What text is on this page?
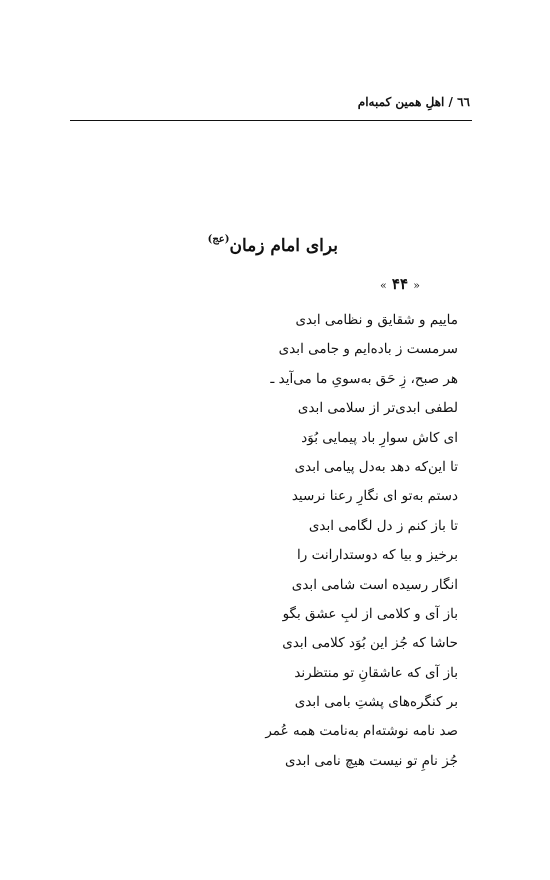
٦٦ / اهلِ همین کمبه‌ام
برای امام زمان$^{(عج)}$
« ۴۴ »
ماییم و شقایق و نظامی ابدی
سرمست ز باده‌ایم و جامی ابدی
هر صبح، زِ حَق به‌سویِ ما می‌آید ـ
لطفی ابدی‌تر از سلامی ابدی
ای کاش سوارِ باد پیمایی بُوَد
تا این‌که دهد به‌دل پیامی ابدی
دستم به‌تو ای نگارِ رعنا نرسید
تا باز کنم ز دل لگامی ابدی
برخیز و بیا که دوستدارانت را
انگار رسیده است شامی ابدی
باز آی و کلامی از لبِ عشق بگو
حاشا که جُز این بُوَد کلامی ابدی
باز آی که عاشقانِ تو منتظرند
بر کنگره‌های پشتِ بامی ابدی
صد نامه نوشته‌ام به‌نامت همه عُمر
جُز نامِ تو نیست هیچ نامی ابدی
